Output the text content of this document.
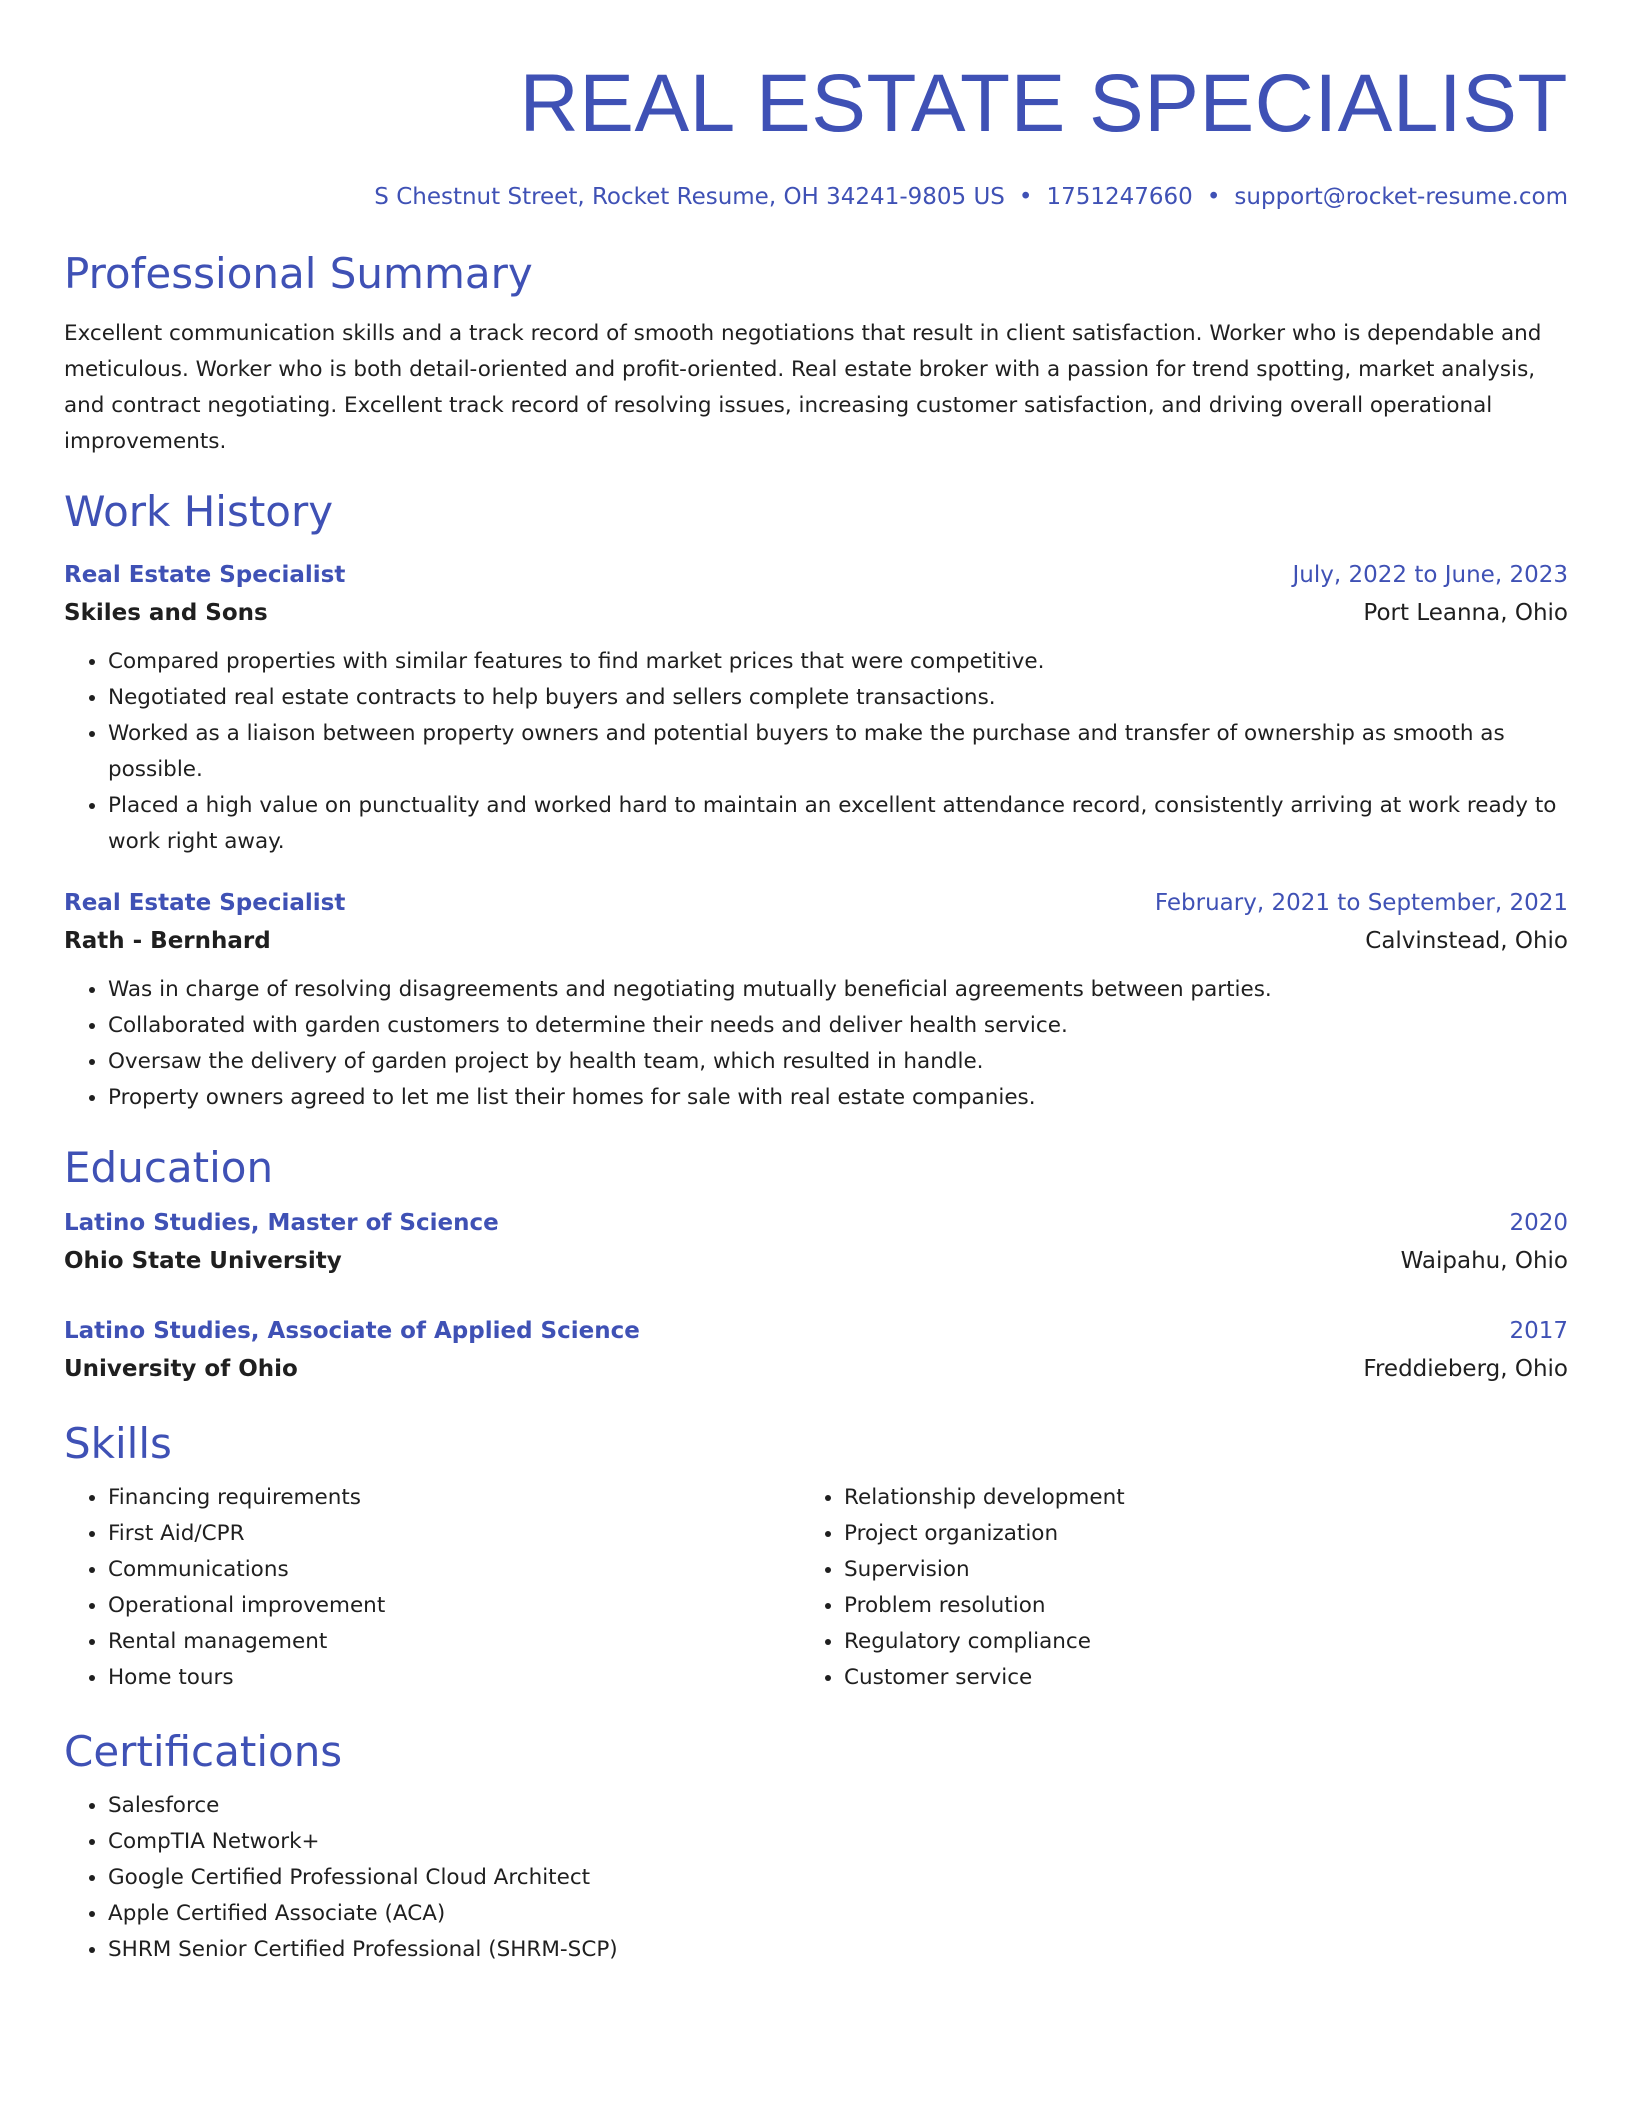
REAL ESTATE SPECIALIST
S Chestnut Street, Rocket Resume, OH 34241-9805 US • 1751247660 • support@rocket-resume.com
Professional Summary
Excellent communication skills and a track record of smooth negotiations that result in client satisfaction. Worker who is dependable and meticulous. Worker who is both detail-oriented and profit-oriented. Real estate broker with a passion for trend spotting, market analysis, and contract negotiating. Excellent track record of resolving issues, increasing customer satisfaction, and driving overall operational improvements.
Work History
Real Estate Specialist	July, 2022 to June, 2023
Skiles and Sons	Port Leanna, Ohio
• Compared properties with similar features to find market prices that were competitive.
• Negotiated real estate contracts to help buyers and sellers complete transactions.
• Worked as a liaison between property owners and potential buyers to make the purchase and transfer of ownership as smooth as possible.
• Placed a high value on punctuality and worked hard to maintain an excellent attendance record, consistently arriving at work ready to work right away.
Real Estate Specialist	February, 2021 to September, 2021
Rath - Bernhard	Calvinstead, Ohio
• Was in charge of resolving disagreements and negotiating mutually beneficial agreements between parties.
• Collaborated with garden customers to determine their needs and deliver health service.
• Oversaw the delivery of garden project by health team, which resulted in handle.
• Property owners agreed to let me list their homes for sale with real estate companies.
Education
Latino Studies, Master of Science	2020
Ohio State University	Waipahu, Ohio
Latino Studies, Associate of Applied Science	2017
University of Ohio	Freddieberg, Ohio
Skills
• Financing requirements
• First Aid/CPR
• Communications
• Operational improvement
• Rental management
• Home tours
• Relationship development
• Project organization
• Supervision
• Problem resolution
• Regulatory compliance
• Customer service
Certifications
• Salesforce
• CompTIA Network+
• Google Certified Professional Cloud Architect
• Apple Certified Associate (ACA)
• SHRM Senior Certified Professional (SHRM-SCP)
